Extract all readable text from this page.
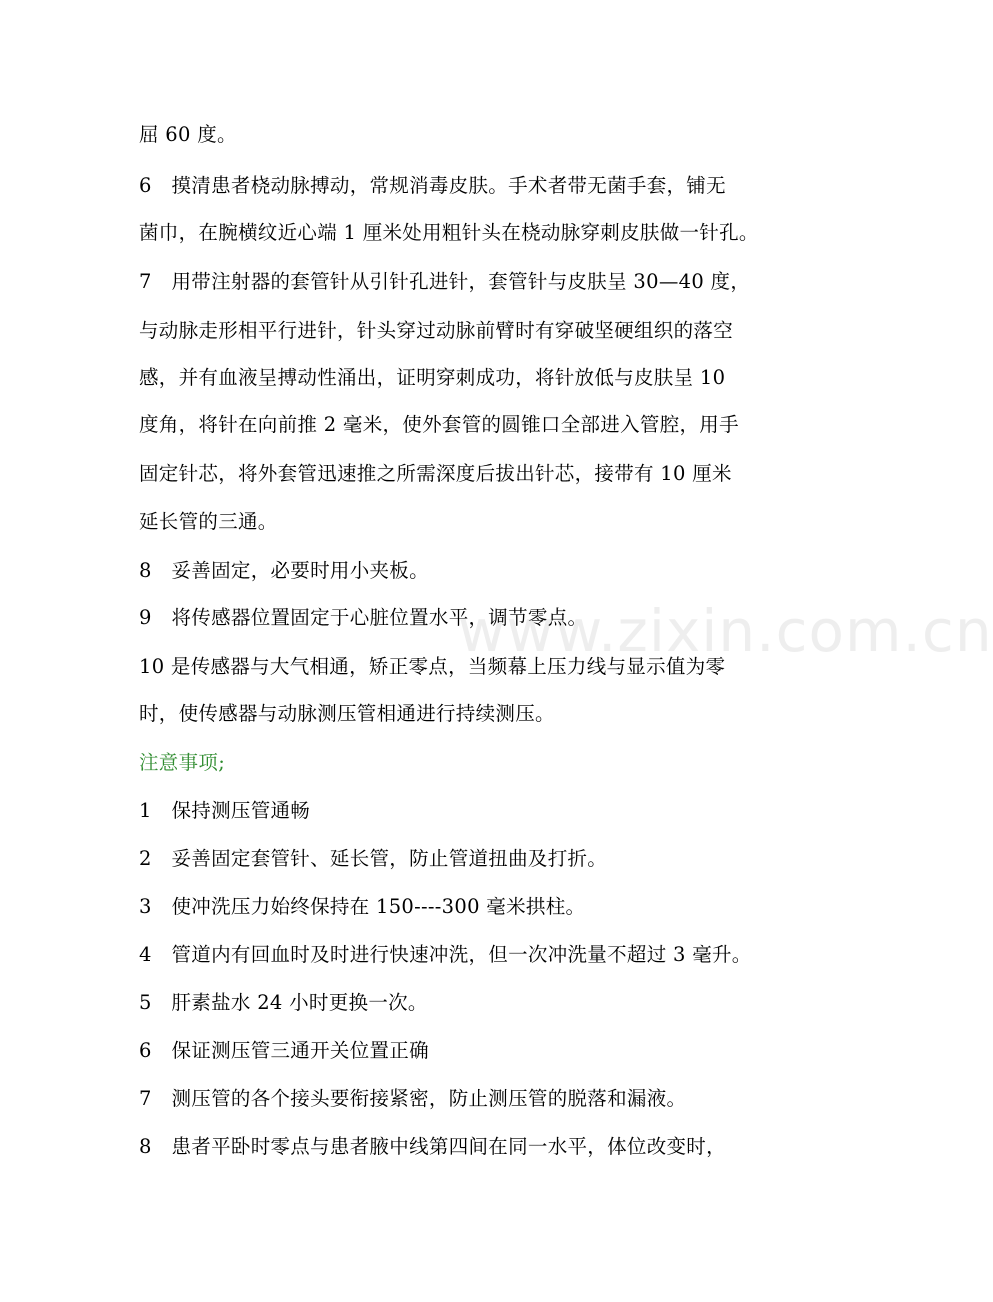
www.zixin.com.cn
屈 60 度。
6　摸清患者桡动脉搏动，常规消毒皮肤。手术者带无菌手套，铺无
菌巾，在腕横纹近心端 1 厘米处用粗针头在桡动脉穿刺皮肤做一针孔。
7　用带注射器的套管针从引针孔进针，套管针与皮肤呈 30—40 度，
与动脉走形相平行进针，针头穿过动脉前臂时有穿破坚硬组织的落空
感，并有血液呈搏动性涌出，证明穿刺成功，将针放低与皮肤呈 10
度角，将针在向前推 2 毫米，使外套管的圆锥口全部进入管腔，用手
固定针芯，将外套管迅速推之所需深度后拔出针芯，接带有 10 厘米
延长管的三通。
8　妥善固定，必要时用小夹板。
9　将传感器位置固定于心脏位置水平，调节零点。
10 是传感器与大气相通，矫正零点，当频幕上压力线与显示值为零
时，使传感器与动脉测压管相通进行持续测压。
注意事项;
1　保持测压管通畅
2　妥善固定套管针、延长管，防止管道扭曲及打折。
3　使冲洗压力始终保持在 150----300 毫米拱柱。
4　管道内有回血时及时进行快速冲洗，但一次冲洗量不超过 3 毫升。
5　肝素盐水 24 小时更换一次。
6　保证测压管三通开关位置正确
7　测压管的各个接头要衔接紧密，防止测压管的脱落和漏液。
8　患者平卧时零点与患者腋中线第四间在同一水平，体位改变时，
